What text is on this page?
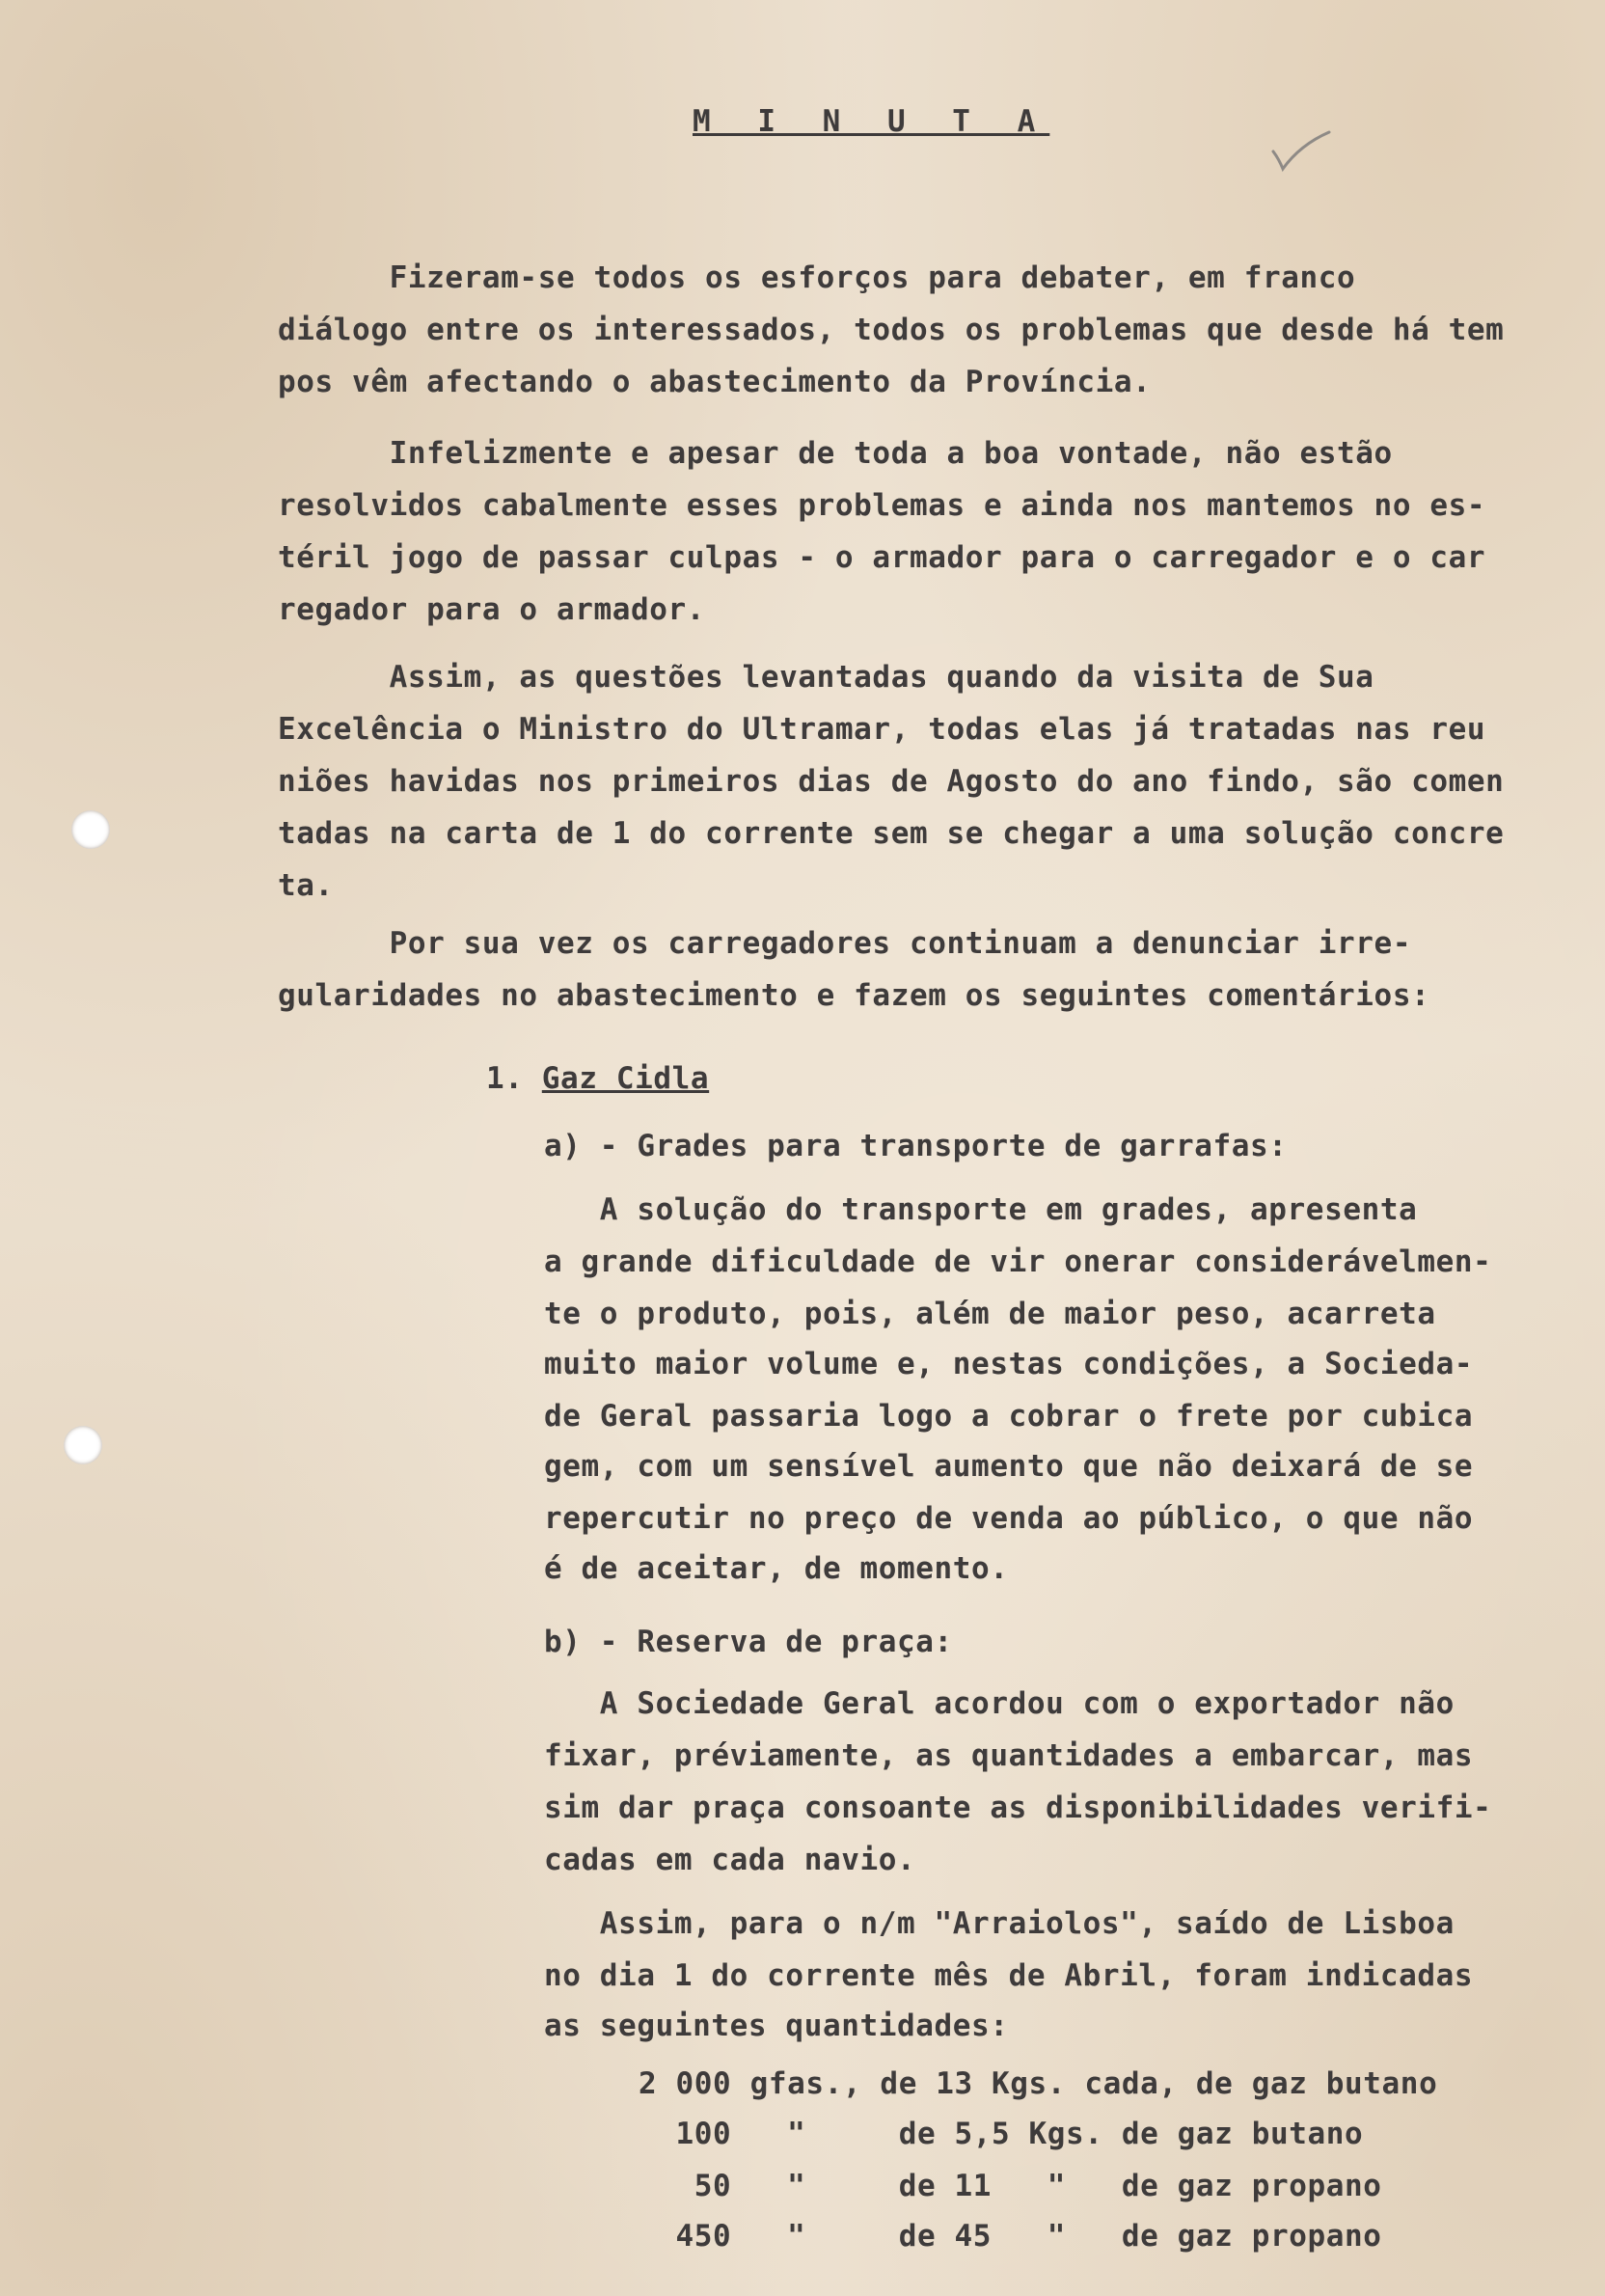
M I N U T A
Fizeram-se todos os esforços para debater, em franco
diálogo entre os interessados, todos os problemas que desde há tem
pos vêm afectando o abastecimento da Província.
Infelizmente e apesar de toda a boa vontade, não estão
resolvidos cabalmente esses problemas e ainda nos mantemos no es-
téril jogo de passar culpas - o armador para o carregador e o car
regador para o armador.
Assim, as questões levantadas quando da visita de Sua
Excelência o Ministro do Ultramar, todas elas já tratadas nas reu
niões havidas nos primeiros dias de Agosto do ano findo, são comen
tadas na carta de 1 do corrente sem se chegar a uma solução concre
ta.
Por sua vez os carregadores continuam a denunciar irre-
gularidades no abastecimento e fazem os seguintes comentários:
1. Gaz Cidla
a) - Grades para transporte de garrafas:
A solução do transporte em grades, apresenta
a grande dificuldade de vir onerar considerávelmen-
te o produto, pois, além de maior peso, acarreta
muito maior volume e, nestas condições, a Socieda-
de Geral passaria logo a cobrar o frete por cubica
gem, com um sensível aumento que não deixará de se
repercutir no preço de venda ao público, o que não
é de aceitar, de momento.
b) - Reserva de praça:
A Sociedade Geral acordou com o exportador não
fixar, préviamente, as quantidades a embarcar, mas
sim dar praça consoante as disponibilidades verifi-
cadas em cada navio.
Assim, para o n/m "Arraiolos", saído de Lisboa
no dia 1 do corrente mês de Abril, foram indicadas
as seguintes quantidades:
2 000 gfas., de 13 Kgs. cada, de gaz butano
100   "     de 5,5 Kgs. de gaz butano
50   "     de 11   "   de gaz propano
450   "     de 45   "   de gaz propano
